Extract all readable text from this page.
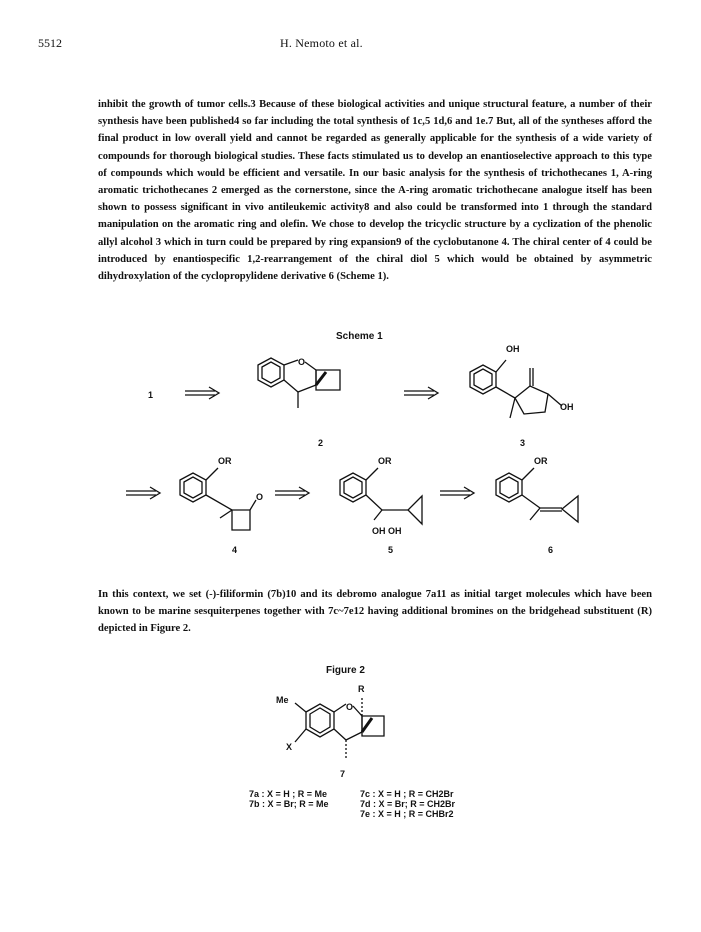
5512	H. Nemoto et al.
inhibit the growth of tumor cells.3 Because of these biological activities and unique structural feature, a number of their synthesis have been published4 so far including the total synthesis of 1c,5 1d,6 and 1e.7 But, all of the syntheses afford the final product in low overall yield and cannot be regarded as generally applicable for the synthesis of a wide variety of compounds for thorough biological studies. These facts stimulated us to develop an enantioselective approach to this type of compounds which would be efficient and versatile. In our basic analysis for the synthesis of trichothecanes 1, A-ring aromatic trichothecanes 2 emerged as the cornerstone, since the A-ring aromatic trichothecane analogue itself has been shown to possess significant in vivo antileukemic activity8 and also could be transformed into 1 through the standard manipulation on the aromatic ring and olefin. We chose to develop the tricyclic structure by a cyclization of the phenolic allyl alcohol 3 which in turn could be prepared by ring expansion9 of the cyclobutanone 4. The chiral center of 4 could be introduced by enantiospecific 1,2-rearrangement of the chiral diol 5 which would be obtained by asymmetric dihydroxylation of the cyclopropylidene derivative 6 (Scheme 1).
Scheme 1
1
O
2
OH
OH
3
OR
O
4
OR
OH OH
5
OR
6
In this context, we set (-)-filiformin (7b)10 and its debromo analogue 7a11 as initial target molecules which have been known to be marine sesquiterpenes together with 7c~7e12 having additional bromines on the bridgehead substituent (R) depicted in Figure 2.
Figure 2
Me
X
R
O
7
7a : X = H ; R = Me
7b : X = Br; R = Me
7c : X = H ; R = CH2Br
7d : X = Br; R = CH2Br
7e : X = H ; R = CHBr2
